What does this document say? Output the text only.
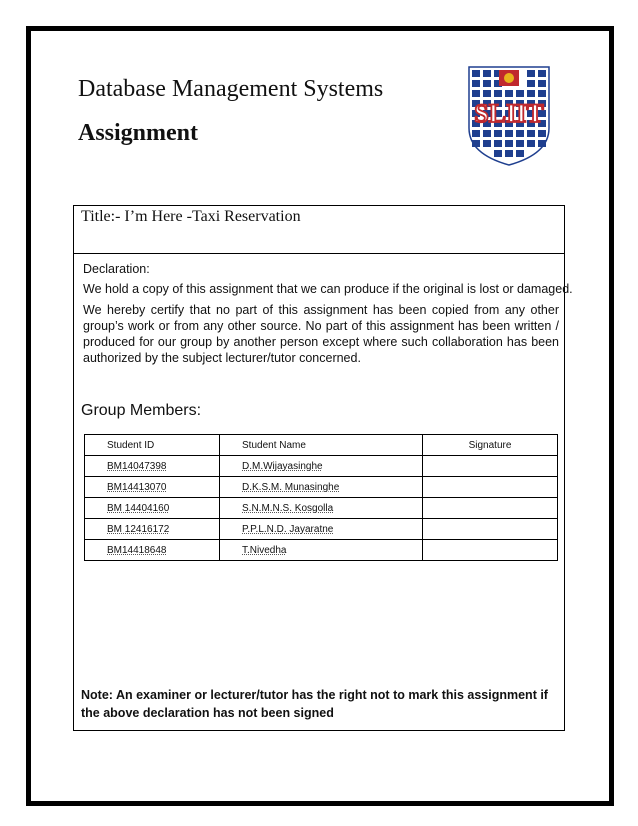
Database Management Systems
Assignment
SLIIT
Title:- I’m Here -Taxi Reservation
Declaration:
We hold a copy of this assignment that we can produce if the original is lost or damaged.
We hereby certify that no part of this assignment has been copied from any other group’s work or from any other source. No part of this assignment has been written / produced for our group by another person except where such collaboration has been authorized by the subject lecturer/tutor concerned.
Group Members:
Student ID	Student Name	Signature
BM14047398	D.M.Wijayasinghe	
BM14413070	D.K.S.M. Munasinghe	
BM 14404160	S.N.M.N.S. Kosgolla	
BM 12416172	P.P.L.N.D. Jayaratne	
BM14418648	T.Nivedha	
Note: An examiner or lecturer/tutor has the right not to mark this assignment if the above declaration has not been signed
